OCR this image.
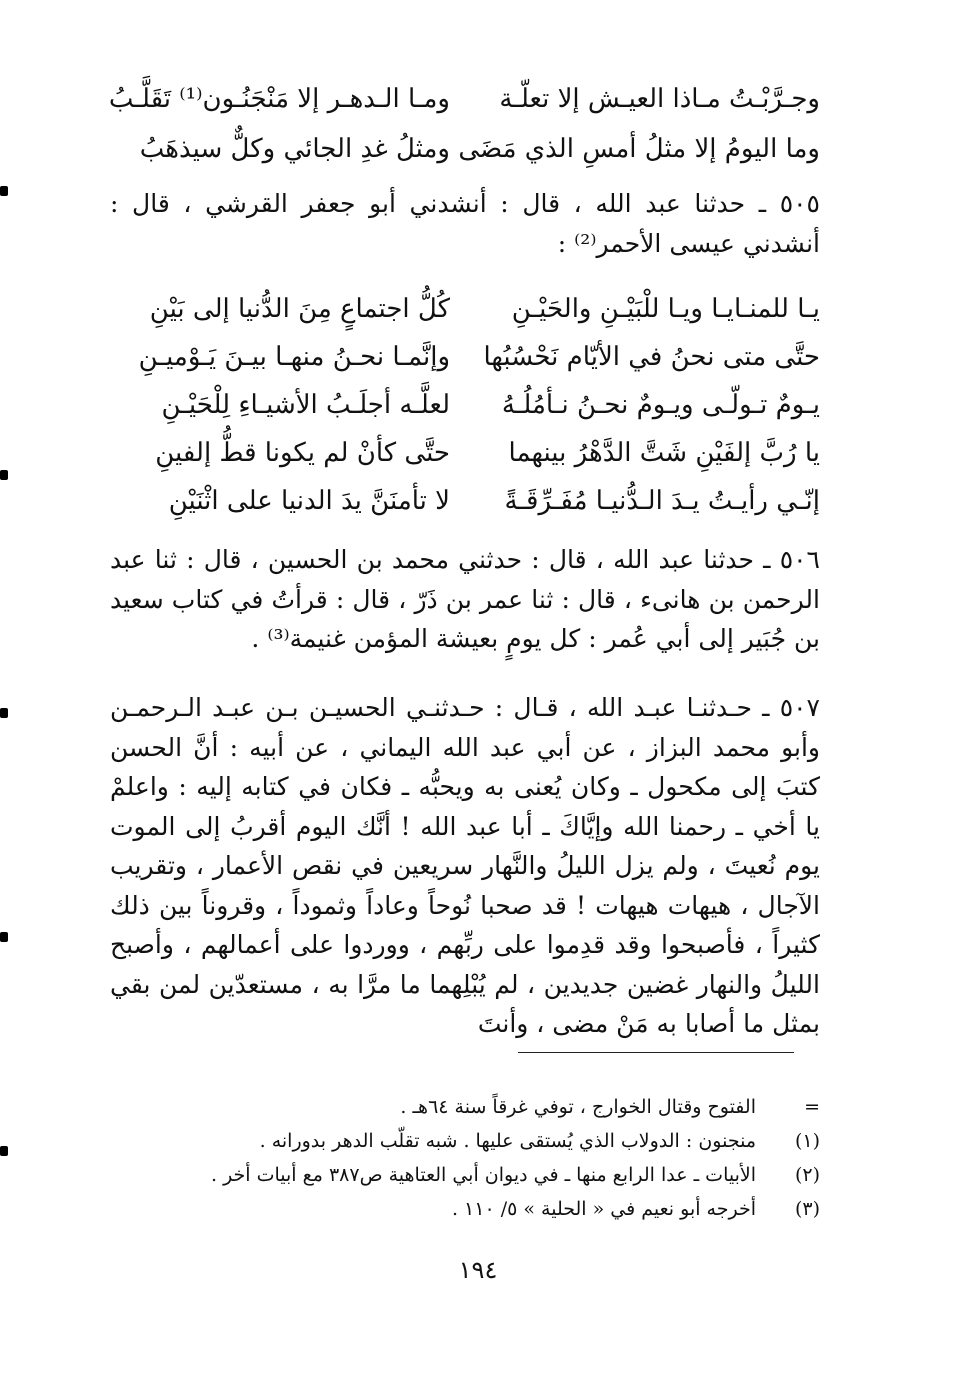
وجـرَّبْـتُ مـاذا العيـش إلا تعلّـة
ومـا الـدهـر إلا مَنْجَنُـون⁽¹⁾ تَقَلَّـبُ
وما اليومُ إلا مثلُ أمسِ الذي مَضَى
ومثلُ غدِ الجائي وكلٌّ سيذهَبُ

٥٠٥ ـ حدثنا عبد الله ، قال : أنشدني أبو جعفر القرشي ، قال : أنشدني عيسى الأحمر⁽²⁾ :

يـا للمنـايـا ويـا للْبَيْـنِ والحَيْـنِ
كُلُّ اجتماعٍ مِنَ الدُّنيا إلى بَيْنِ
حتَّى متى نحنُ في الأيّام نَحْسُبُها
وإنَّمـا نحـنُ منهـا بيـنَ يَـوْميـنِ
يـومٌ تـولّـى ويـومٌ نحـنُ نـأمُلُـهُ
لعلَّـه أجلَـبُ الأشيـاءِ لِلْحَيْـنِ
يا رُبَّ إلفَيْنِ شَتَّ الدَّهْرُ بينهما
حتَّى كأنْ لم يكونا قطُّ إلفينِ
إنّـي رأيـتُ يـدَ الـدُّنيـا مُفَـرِّقَـةً
لا تأمنَنَّ يدَ الدنيا على اثْنَيْنِ

٥٠٦ ـ حدثنا عبد الله ، قال : حدثني محمد بن الحسين ، قال : ثنا عبد الرحمن بن هانىء ، قال : ثنا عمر بن ذَرّ ، قال : قرأتُ في كتاب سعيد بن جُبَير إلى أبي عُمر : كل يومٍ بعيشة المؤمن غنيمة⁽³⁾ .

٥٠٧ ـ حـدثنـا عبـد الله ، قـال : حـدثنـي الحسيـن بـن عبـد الـرحمـن وأبو محمد البزاز ، عن أبي عبد الله اليماني ، عن أبيه : أنَّ الحسن كتبَ إلى مكحول ـ وكان يُعنى به ويحبُّه ـ فكان في كتابه إليه : واعلمْ يا أخي ـ رحمنا الله وإيَّاكَ ـ أبا عبد الله ! أنَّك اليوم أقربُ إلى الموت يوم نُعيتَ ، ولم يزل الليلُ والنَّهار سريعين في نقص الأعمار ، وتقريب الآجال ، هيهات هيهات ! قد صحبا نُوحاً وعاداً وثموداً ، وقروناً بين ذلك كثيراً ، فأصبحوا وقد قدِموا على ربِّهم ، ووردوا على أعمالهم ، وأصبح الليلُ والنهار غضين جديدين ، لم يُبْلِهما ما مرَّا به ، مستعدّين لمن بقي بمثل ما أصابا به مَنْ مضى ، وأنتَ

=
الفتوح وقتال الخوارج ، توفي غرقاً سنة ٦٤هـ .
(١)
منجنون : الدولاب الذي يُستقى عليها . شبه تقلّب الدهر بدورانه .
(٢)
الأبيات ـ عدا الرابع منها ـ في ديوان أبي العتاهية ص٣٨٧ مع أبيات أخر .
(٣)
أخرجه أبو نعيم في « الحلية » ٥/ ١١٠ .
١٩٤
